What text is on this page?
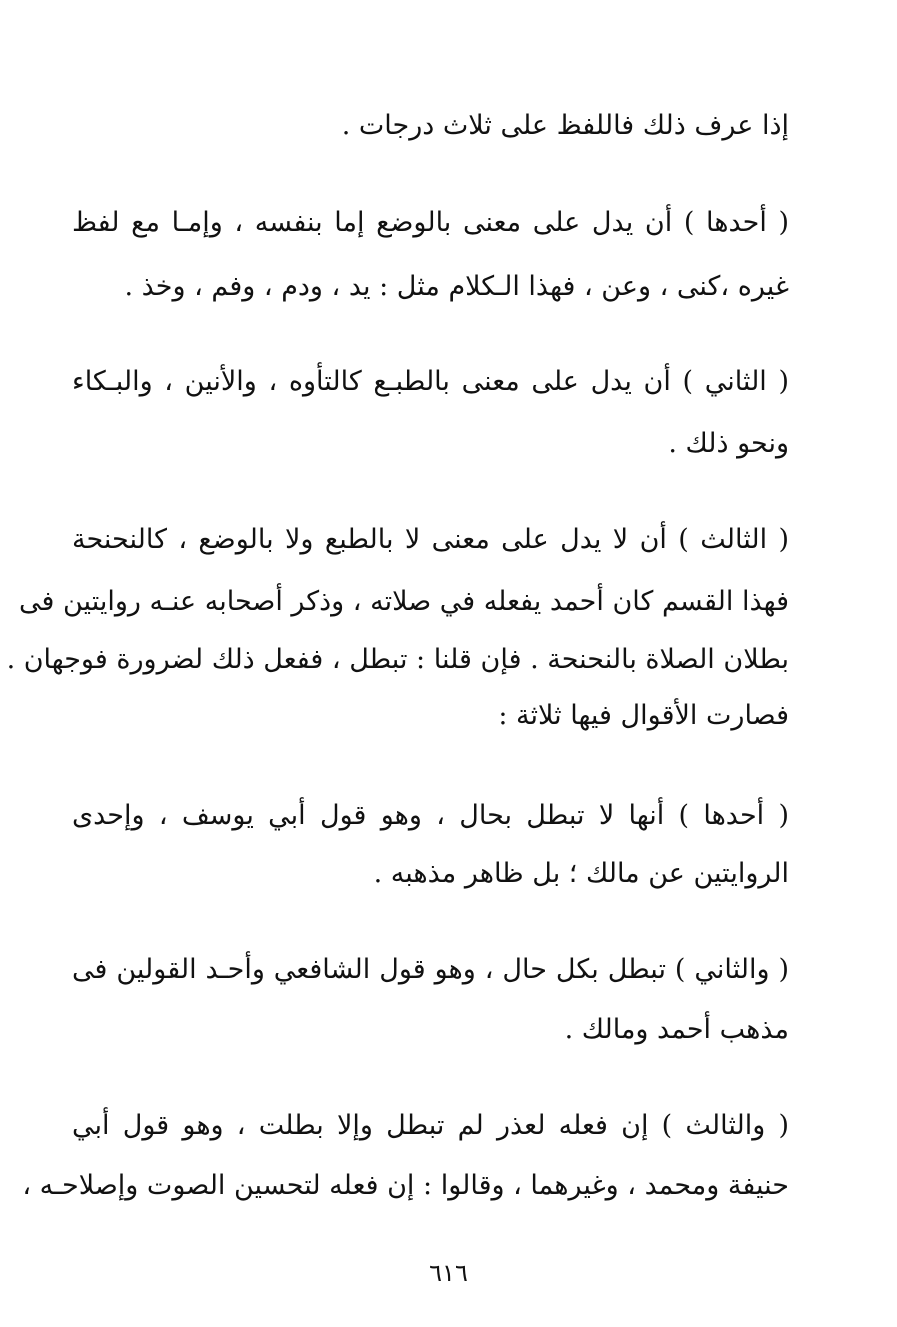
إذا عرف ذلك فاللفظ على ثلاث درجات .
( أحدها ) أن يدل على معنى بالوضع إما بنفسه ، وإمـا مع لفظ
غيره ،كنى ، وعن ، فهذا الـكلام مثل : يد ، ودم ، وفم ، وخذ .
( الثاني ) أن يدل على معنى بالطبـع كالتأوه ، والأنين ، والبـكاء
ونحو ذلك .
( الثالث ) أن لا يدل على معنى لا بالطبع ولا بالوضع ، كالنحنحة
فهذا القسم كان أحمد يفعله في صلاته ، وذكر أصحابه عنـه روايتين فى
بطلان الصلاة بالنحنحة . فإن قلنا : تبطل ، ففعل ذلك لضرورة فوجهان .
فصارت الأقوال فيها ثلاثة :
( أحدها ) أنها لا تبطل بحال ، وهو قول أبي يوسف ، وإحدى
الروايتين عن مالك ؛ بل ظاهر مذهبه .
( والثاني ) تبطل بكل حال ، وهو قول الشافعي وأحـد القولين فى
مذهب أحمد ومالك .
( والثالث ) إن فعله لعذر لم تبطل وإلا بطلت ، وهو قول أبي
حنيفة ومحمد ، وغيرهما ، وقالوا : إن فعله لتحسين الصوت وإصلاحـه ،
٦١٦
